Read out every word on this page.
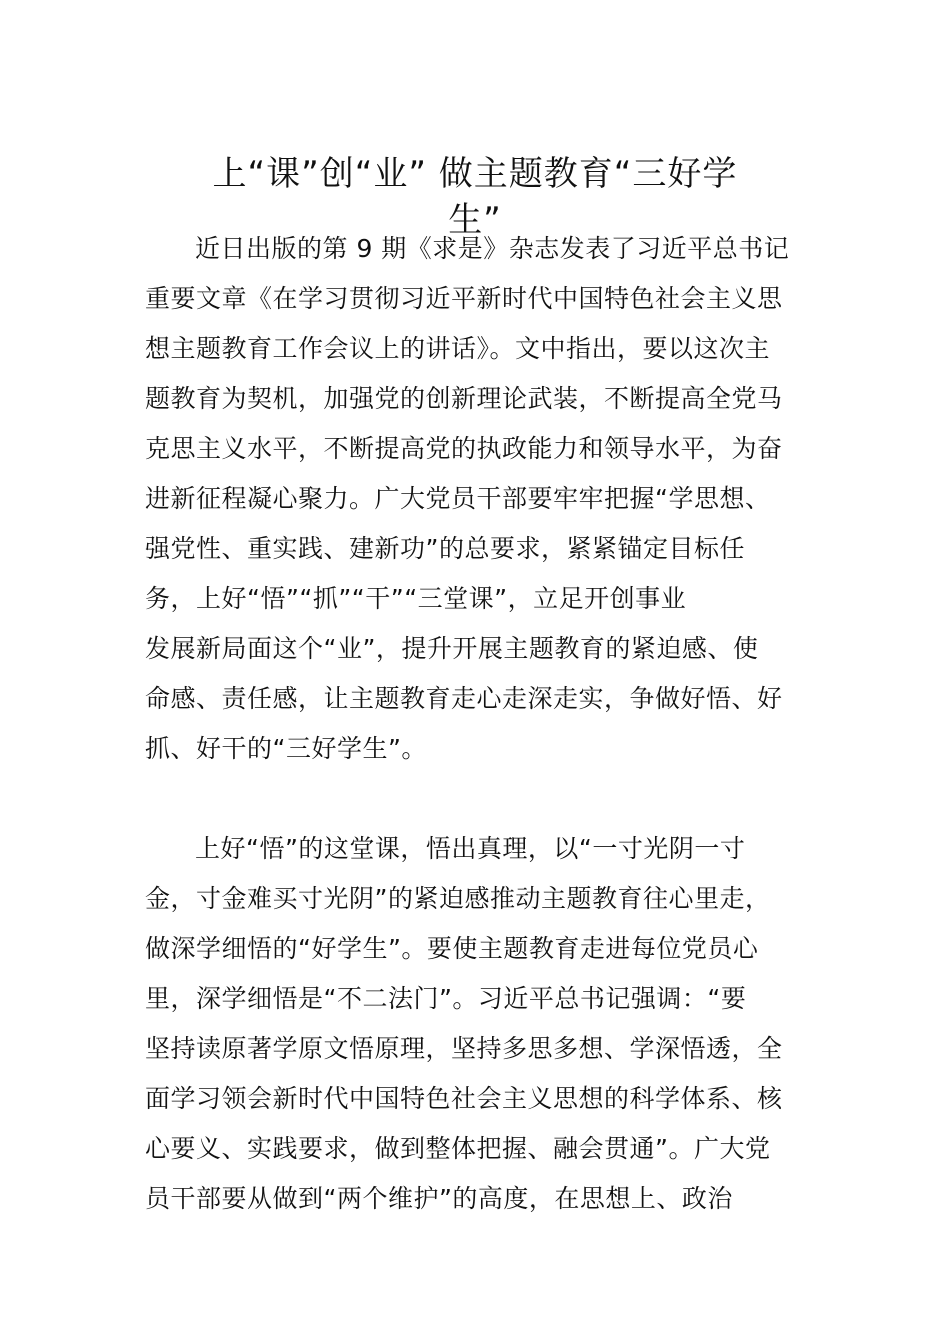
上“课”创“业” 做主题教育“三好学
生”
近日出版的第 9 期《求是》杂志发表了习近平总书记
重要文章《在学习贯彻习近平新时代中国特色社会主义思
想主题教育工作会议上的讲话》。文中指出，要以这次主
题教育为契机，加强党的创新理论武装，不断提高全党马
克思主义水平，不断提高党的执政能力和领导水平，为奋
进新征程凝心聚力。广大党员干部要牢牢把握“学思想、
强党性、重实践、建新功”的总要求，紧紧锚定目标任
务，上好“悟”“抓”“干”“三堂课”，立足开创事业
发展新局面这个“业”，提升开展主题教育的紧迫感、使
命感、责任感，让主题教育走心走深走实，争做好悟、好
抓、好干的“三好学生”。
上好“悟”的这堂课，悟出真理，以“一寸光阴一寸
金，寸金难买寸光阴”的紧迫感推动主题教育往心里走，
做深学细悟的“好学生”。要使主题教育走进每位党员心
里，深学细悟是“不二法门”。习近平总书记强调：“要
坚持读原著学原文悟原理，坚持多思多想、学深悟透，全
面学习领会新时代中国特色社会主义思想的科学体系、核
心要义、实践要求，做到整体把握、融会贯通”。广大党
员干部要从做到“两个维护”的高度，在思想上、政治
